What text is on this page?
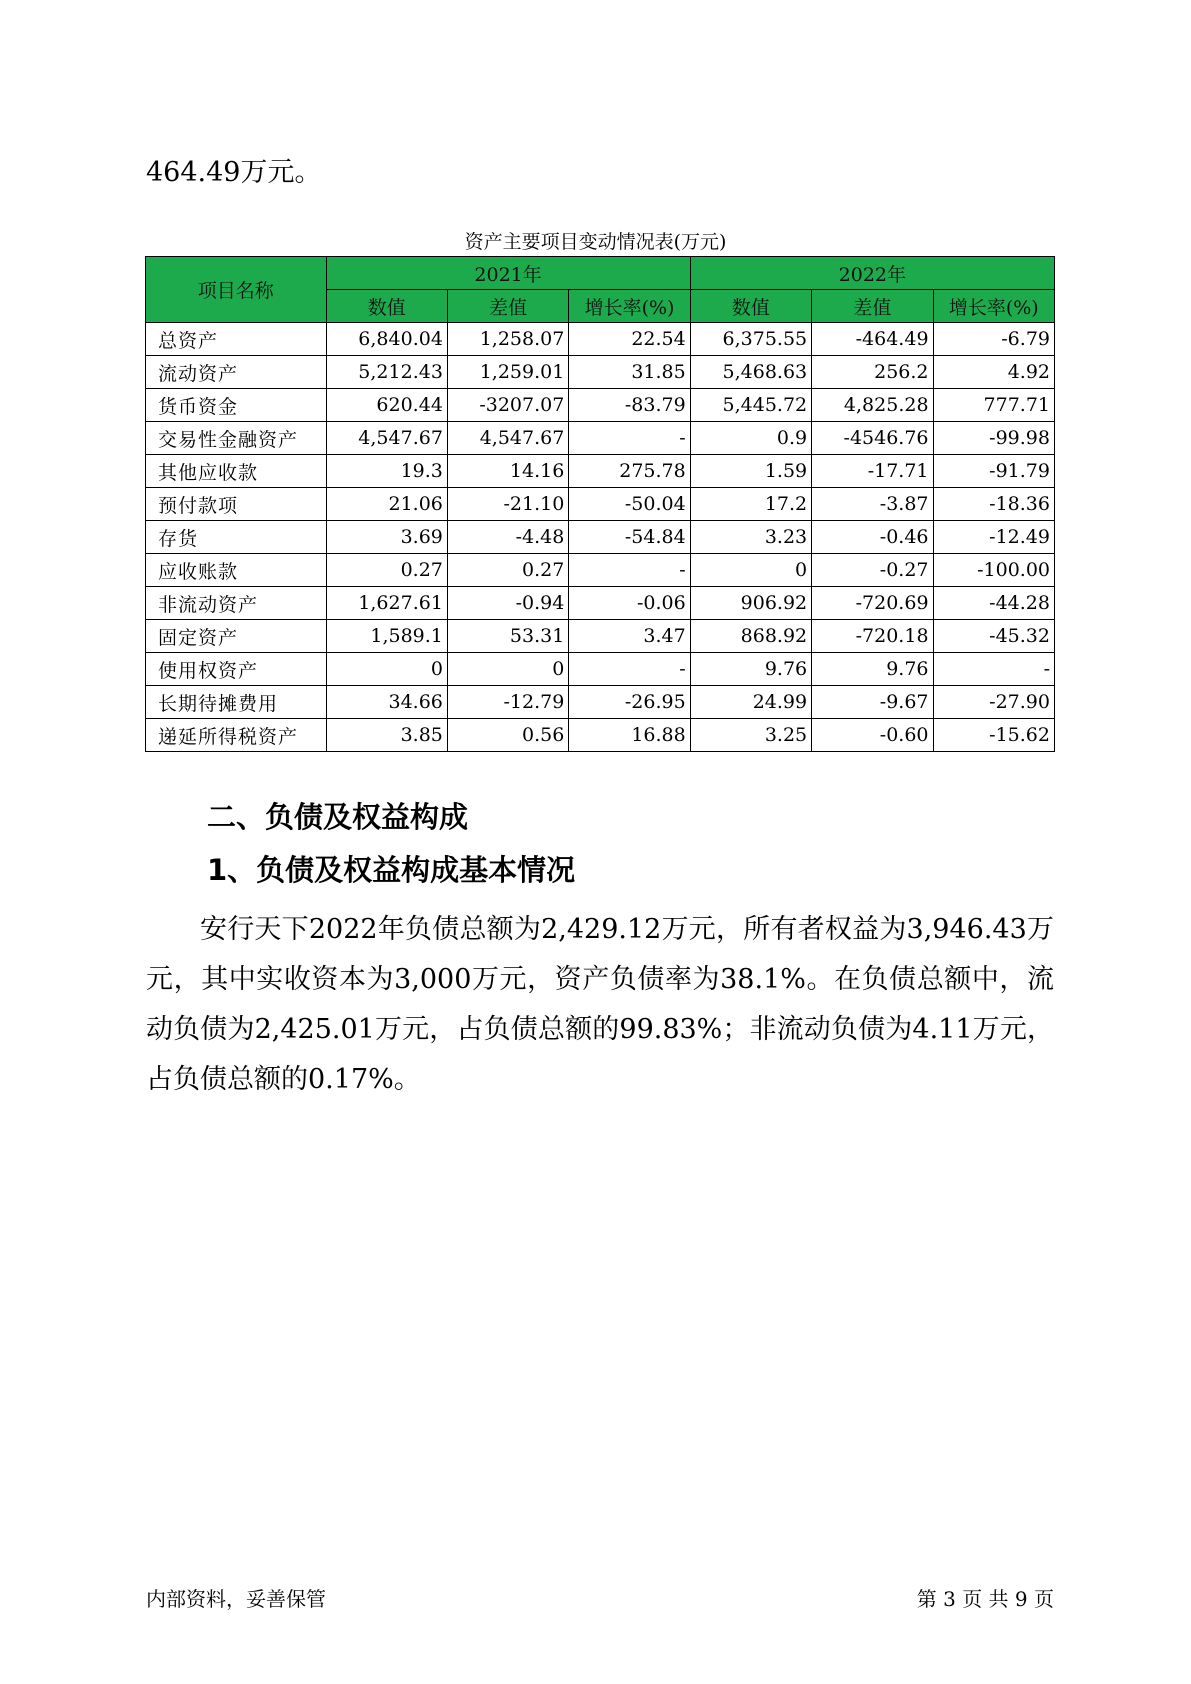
464.49万元。
资产主要项目变动情况表(万元)
项目名称	2021年			2022年		
	数值	差值	增长率(%)	数值	差值	增长率(%)
总资产	6,840.04	1,258.07	22.54	6,375.55	-464.49	-6.79
流动资产	5,212.43	1,259.01	31.85	5,468.63	256.2	4.92
货币资金	620.44	-3207.07	-83.79	5,445.72	4,825.28	777.71
交易性金融资产	4,547.67	4,547.67	-	0.9	-4546.76	-99.98
其他应收款	19.3	14.16	275.78	1.59	-17.71	-91.79
预付款项	21.06	-21.10	-50.04	17.2	-3.87	-18.36
存货	3.69	-4.48	-54.84	3.23	-0.46	-12.49
应收账款	0.27	0.27	-	0	-0.27	-100.00
非流动资产	1,627.61	-0.94	-0.06	906.92	-720.69	-44.28
固定资产	1,589.1	53.31	3.47	868.92	-720.18	-45.32
使用权资产	0	0	-	9.76	9.76	-
长期待摊费用	34.66	-12.79	-26.95	24.99	-9.67	-27.90
递延所得税资产	3.85	0.56	16.88	3.25	-0.60	-15.62
二、负债及权益构成
1、负债及权益构成基本情况
安行天下2022年负债总额为2,429.12万元，所有者权益为3,946.43万元，其中实收资本为3,000万元，资产负债率为38.1%。在负债总额中，流动负债为2,425.01万元，占负债总额的99.83%；非流动负债为4.11万元，占负债总额的0.17%。
内部资料，妥善保管	第 3 页 共 9 页
